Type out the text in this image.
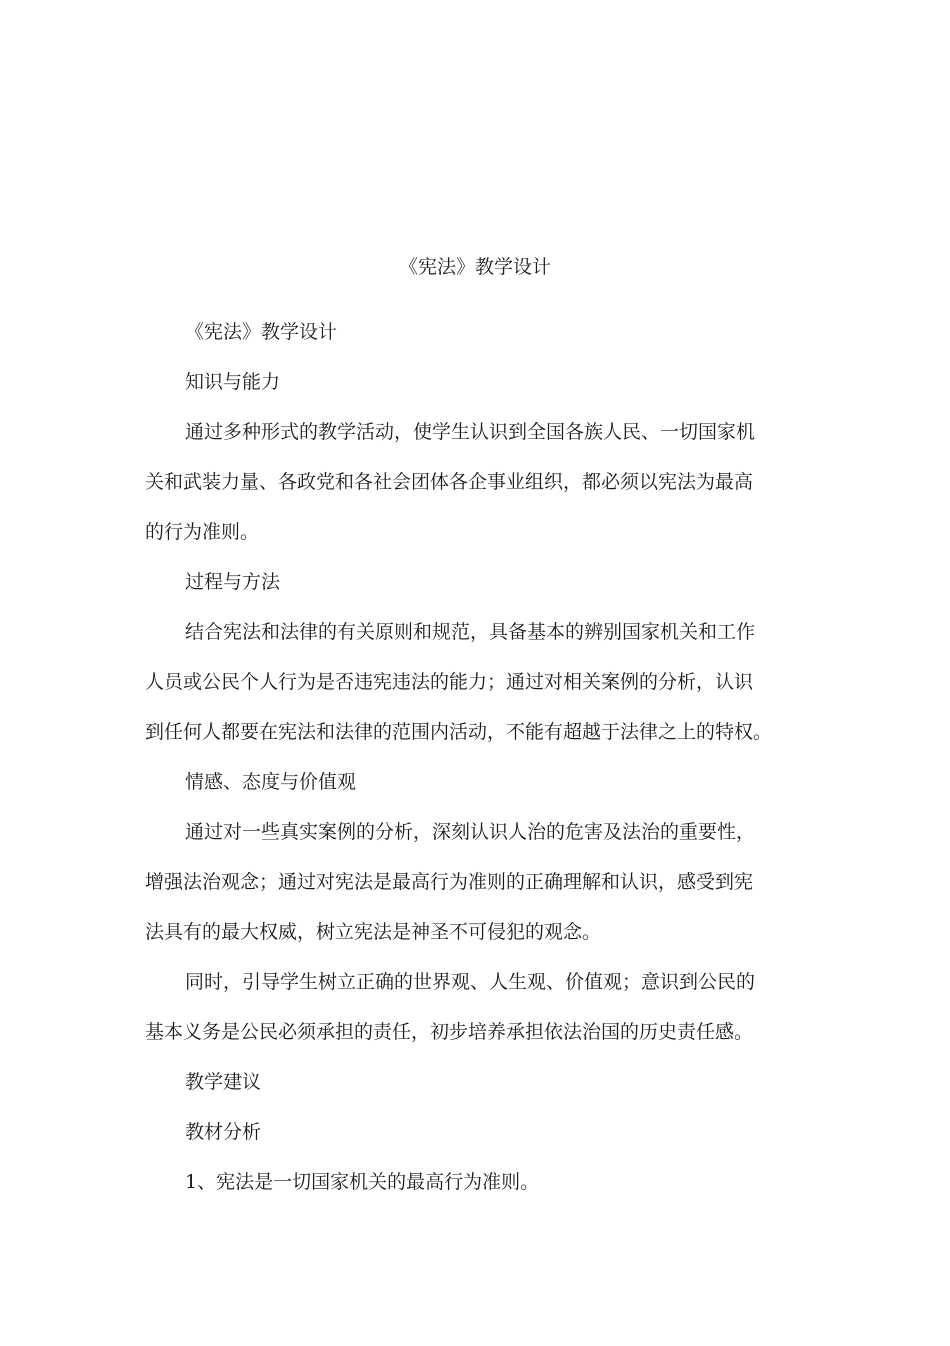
《宪法》教学设计
《宪法》教学设计
知识与能力
通过多种形式的教学活动，使学生认识到全国各族人民、一切国家机
关和武装力量、各政党和各社会团体各企事业组织，都必须以宪法为最高
的行为准则。
过程与方法
结合宪法和法律的有关原则和规范，具备基本的辨别国家机关和工作
人员或公民个人行为是否违宪违法的能力；通过对相关案例的分析，认识
到任何人都要在宪法和法律的范围内活动，不能有超越于法律之上的特权。
情感、态度与价值观
通过对一些真实案例的分析，深刻认识人治的危害及法治的重要性，
增强法治观念；通过对宪法是最高行为准则的正确理解和认识，感受到宪
法具有的最大权威，树立宪法是神圣不可侵犯的观念。
同时，引导学生树立正确的世界观、人生观、价值观；意识到公民的
基本义务是公民必须承担的责任，初步培养承担依法治国的历史责任感。
教学建议
教材分析
1、宪法是一切国家机关的最高行为准则。
